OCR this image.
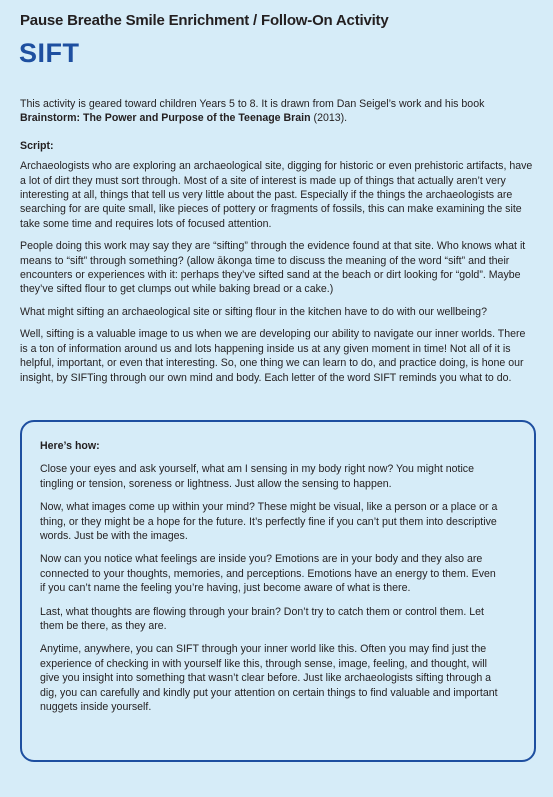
Pause Breathe Smile Enrichment / Follow-On Activity
SIFT

This activity is geared toward children Years 5 to 8. It is drawn from Dan Seigel’s work and his book Brainstorm: The Power and Purpose of the Teenage Brain (2013).

Script:

Archaeologists who are exploring an archaeological site, digging for historic or even prehistoric artifacts, have a lot of dirt they must sort through. Most of a site of interest is made up of things that actually aren’t very interesting at all, things that tell us very little about the past. Especially if the things the archaeologists are searching for are quite small, like pieces of pottery or fragments of fossils, this can make examining the site take some time and requires lots of focused attention.

People doing this work may say they are “sifting” through the evidence found at that site. Who knows what it means to “sift” through something? (allow ākonga time to discuss the meaning of the word “sift” and their encounters or experiences with it: perhaps they’ve sifted sand at the beach or dirt looking for “gold”. Maybe they’ve sifted flour to get clumps out while baking bread or a cake.)

What might sifting an archaeological site or sifting flour in the kitchen have to do with our wellbeing?

Well, sifting is a valuable image to us when we are developing our ability to navigate our inner worlds. There is a ton of information around us and lots happening inside us at any given moment in time! Not all of it is helpful, important, or even that interesting. So, one thing we can learn to do, and practice doing, is hone our insight, by SIFTing through our own mind and body. Each letter of the word SIFT reminds you what to do.

Here’s how:

Close your eyes and ask yourself, what am I sensing in my body right now? You might notice tingling or tension, soreness or lightness. Just allow the sensing to happen.

Now, what images come up within your mind? These might be visual, like a person or a place or a thing, or they might be a hope for the future. It’s perfectly fine if you can’t put them into descriptive words. Just be with the images.

Now can you notice what feelings are inside you? Emotions are in your body and they also are connected to your thoughts, memories, and perceptions. Emotions have an energy to them. Even if you can’t name the feeling you’re having, just become aware of what is there.

Last, what thoughts are flowing through your brain? Don’t try to catch them or control them. Let them be there, as they are.

Anytime, anywhere, you can SIFT through your inner world like this. Often you may find just the experience of checking in with yourself like this, through sense, image, feeling, and thought, will give you insight into something that wasn’t clear before. Just like archaeologists sifting through a dig, you can carefully and kindly put your attention on certain things to find valuable and important nuggets inside yourself.
